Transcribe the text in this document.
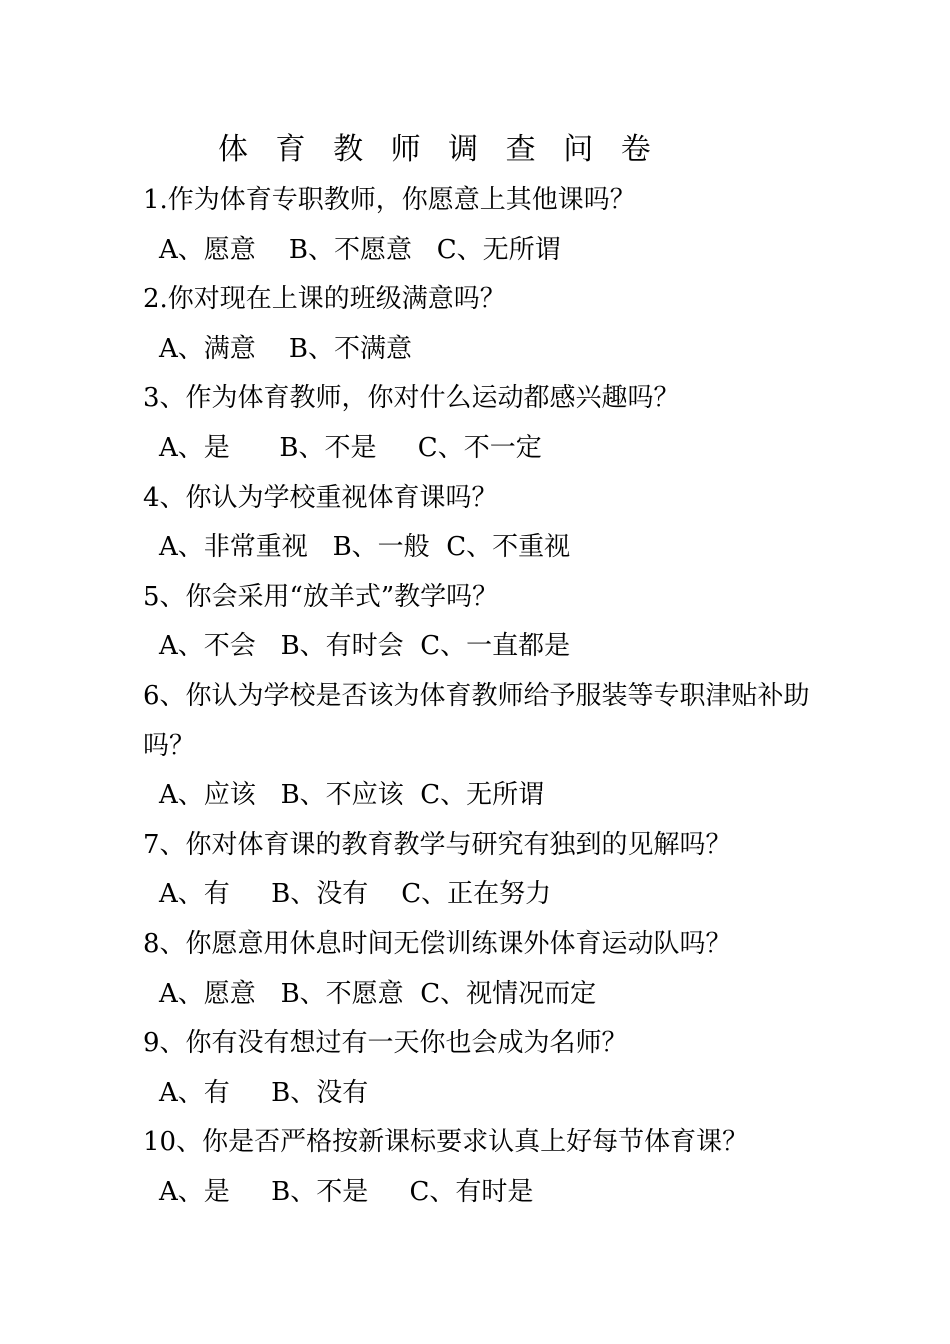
体 育 教 师 调 查 问 卷
1.作为体育专职教师，你愿意上其他课吗？
A、愿意    B、不愿意   C、无所谓
2.你对现在上课的班级满意吗？
A、满意    B、不满意
3、作为体育教师，你对什么运动都感兴趣吗？
A、是      B、不是     C、不一定
4、你认为学校重视体育课吗？
A、非常重视   B、一般  C、不重视
5、你会采用“放羊式”教学吗？
A、不会   B、有时会  C、一直都是
6、你认为学校是否该为体育教师给予服装等专职津贴补助吗？
A、应该   B、不应该  C、无所谓
7、你对体育课的教育教学与研究有独到的见解吗？
A、有     B、没有    C、正在努力
8、你愿意用休息时间无偿训练课外体育运动队吗？
A、愿意   B、不愿意  C、视情况而定
9、你有没有想过有一天你也会成为名师？
A、有     B、没有
10、你是否严格按新课标要求认真上好每节体育课？
A、是     B、不是     C、有时是
